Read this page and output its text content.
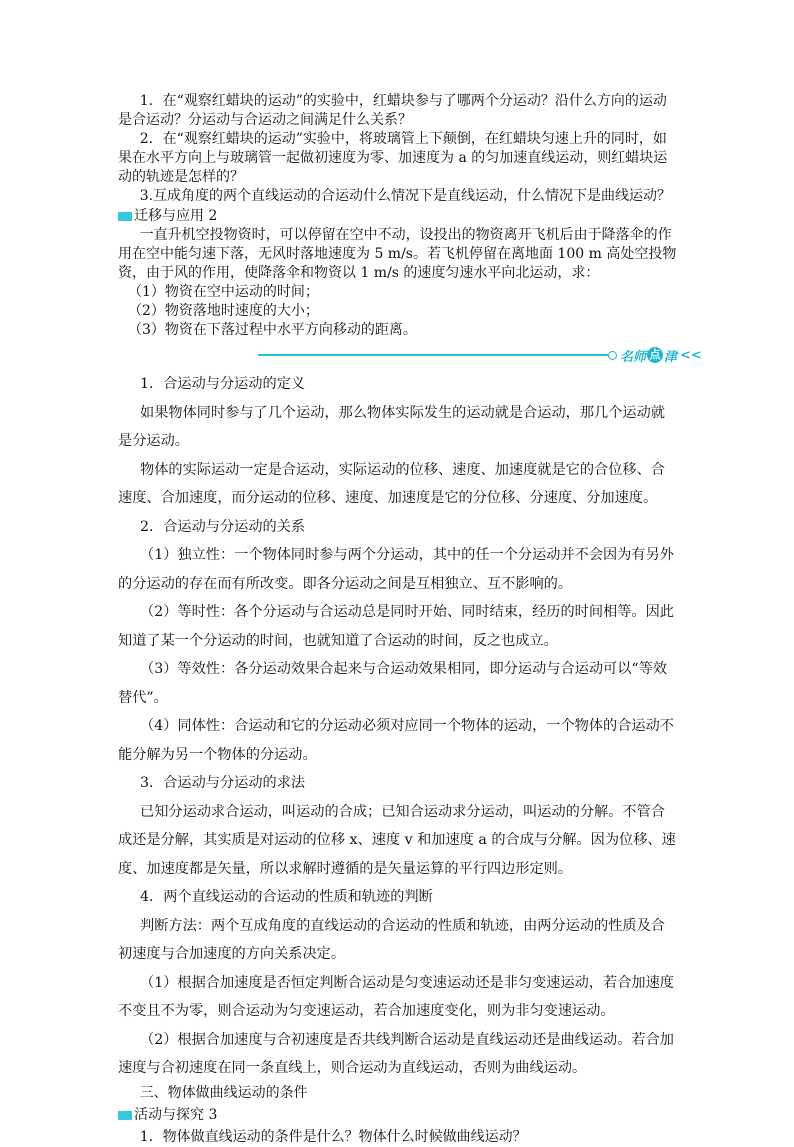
1．在“观察红蜡块的运动”的实验中，红蜡块参与了哪两个分运动？沿什么方向的运动是合运动？分运动与合运动之间满足什么关系？

2．在“观察红蜡块的运动”实验中，将玻璃管上下颠倒，在红蜡块匀速上升的同时，如果在水平方向上与玻璃管一起做初速度为零、加速度为 a 的匀加速直线运动，则红蜡块运动的轨迹是怎样的？

3.互成角度的两个直线运动的合运动什么情况下是直线运动，什么情况下是曲线运动？

迁移与应用 2

一直升机空投物资时，可以停留在空中不动，设投出的物资离开飞机后由于降落伞的作用在空中能匀速下落，无风时落地速度为 5 m/s。若飞机停留在离地面 100 m 高处空投物资，由于风的作用，使降落伞和物资以 1 m/s 的速度匀速水平向北运动，求：

（1）物资在空中运动的时间；

（2）物资落地时速度的大小；

（3）物资在下落过程中水平方向移动的距离。

名师 点 津 <<

1．合运动与分运动的定义

如果物体同时参与了几个运动，那么物体实际发生的运动就是合运动，那几个运动就是分运动。

物体的实际运动一定是合运动，实际运动的位移、速度、加速度就是它的合位移、合速度、合加速度，而分运动的位移、速度、加速度是它的分位移、分速度、分加速度。

2．合运动与分运动的关系

（1）独立性：一个物体同时参与两个分运动，其中的任一个分运动并不会因为有另外的分运动的存在而有所改变。即各分运动之间是互相独立、互不影响的。

（2）等时性：各个分运动与合运动总是同时开始、同时结束，经历的时间相等。因此知道了某一个分运动的时间，也就知道了合运动的时间，反之也成立。

（3）等效性：各分运动效果合起来与合运动效果相同，即分运动与合运动可以“等效替代”。

（4）同体性：合运动和它的分运动必须对应同一个物体的运动，一个物体的合运动不能分解为另一个物体的分运动。

3．合运动与分运动的求法

已知分运动求合运动，叫运动的合成；已知合运动求分运动，叫运动的分解。不管合成还是分解，其实质是对运动的位移 x、速度 v 和加速度 a 的合成与分解。因为位移、速度、加速度都是矢量，所以求解时遵循的是矢量运算的平行四边形定则。

4．两个直线运动的合运动的性质和轨迹的判断

判断方法：两个互成角度的直线运动的合运动的性质和轨迹，由两分运动的性质及合初速度与合加速度的方向关系决定。

（1）根据合加速度是否恒定判断合运动是匀变速运动还是非匀变速运动，若合加速度不变且不为零，则合运动为匀变速运动，若合加速度变化，则为非匀变速运动。

（2）根据合加速度与合初速度是否共线判断合运动是直线运动还是曲线运动。若合加速度与合初速度在同一条直线上，则合运动为直线运动，否则为曲线运动。

三、物体做曲线运动的条件

活动与探究 3

1．物体做直线运动的条件是什么？物体什么时候做曲线运动？
